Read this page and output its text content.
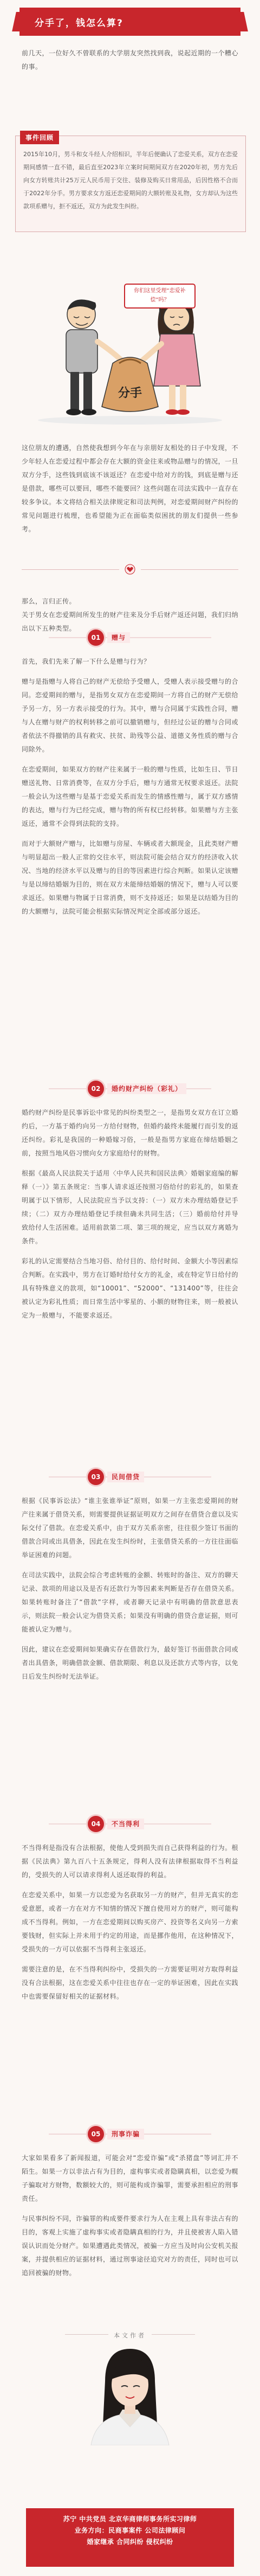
分手了，钱怎么算?

前几天，一位好久不曾联系的大学朋友突然找到我，说起近期的一个糟心的事。

事件回顾
2015年10月，男斗和女斗经人介绍相识，半年后便确认了恋爱关系，双方在恋爱期间感情一直不错，最后直至2023年立案时间期间双方在2020年初，男方先后向女方转账共计25万元人民币用于交往、装修及购买日常用品，后因性格不合而于2022年分手。男方要求女方返还恋爱期间的大额转账及礼物，女方却认为这些款项系赠与，拒不返还，双方为此发生纠纷。
分手
你们这里受理“恋爱补偿”吗？

这位朋友的遭遇，自然使我想到今年在与亲朋好友相处的日子中发现，不少年轻人在恋爱过程中都会存在大额的资金往来或物品赠与的情况，一旦双方分手，这些钱到底该不该返还？在恋爱中给对方的钱，到底是赠与还是借款，哪些可以要回，哪些不能要回？这些问题在司法实践中一直存在较多争议。本文将结合相关法律规定和司法判例，对恋爱期间财产纠纷的常见问题进行梳理，也希望能为正在面临类似困扰的朋友们提供一些参考。

那么，言归正传。
关于男女在恋爱期间所发生的财产往来及分手后财产返还问题，我们归纳出以下五种类型。

01	赠与

首先，我们先来了解一下什么是赠与行为？

赠与是指赠与人将自己的财产无偿给予受赠人，受赠人表示接受赠与的合同。恋爱期间的赠与，是指男女双方在恋爱期间一方将自己的财产无偿给予另一方，另一方表示接受的行为。其中，赠与合同属于实践性合同，赠与人在赠与财产的权利转移之前可以撤销赠与，但经过公证的赠与合同或者依法不得撤销的具有救灾、扶贫、助残等公益、道德义务性质的赠与合同除外。

在恋爱期间，如果双方的财产往来属于一般的赠与性质，比如生日、节日赠送礼物、日常消费等，在双方分手后，赠与方通常无权要求返还。法院一般会认为这些赠与是基于恋爱关系而发生的情感性赠与，属于双方感情的表达，赠与行为已经完成，赠与物的所有权已经转移。如果赠与方主张返还，通常不会得到法院的支持。

而对于大额财产赠与，比如赠与房屋、车辆或者大额现金，且此类财产赠与明显超出一般人正常的交往水平，则法院可能会结合双方的经济收入状况、当地的经济水平以及赠与的目的等因素进行综合判断。如果认定该赠与是以缔结婚姻为目的，则在双方未能缔结婚姻的情况下，赠与人可以要求返还。如果赠与物属于日常消费，则不支持返还；如果是以结婚为目的的大额赠与，法院可能会根据实际情况判定全部或部分返还。

02	婚约财产纠纷（彩礼）

婚约财产纠纷是民事诉讼中常见的纠纷类型之一，是指男女双方在订立婚约后，一方基于婚约向另一方给付财物，但婚约最终未能履行而引发的返还纠纷。彩礼是我国的一种婚嫁习俗，一般是指男方家庭在缔结婚姻之前，按照当地风俗习惯向女方家庭给付的财物。

根据《最高人民法院关于适用〈中华人民共和国民法典〉婚姻家庭编的解释（一）》第五条规定：当事人请求返还按照习俗给付的彩礼的，如果查明属于以下情形，人民法院应当予以支持：（一）双方未办理结婚登记手续；（二）双方办理结婚登记手续但确未共同生活；（三）婚前给付并导致给付人生活困难。适用前款第二项、第三项的规定，应当以双方离婚为条件。

彩礼的认定需要结合当地习俗、给付目的、给付时间、金额大小等因素综合判断。在实践中，男方在订婚时给付女方的礼金，或在特定节日给付的具有特殊意义的款项，如“10001”、“52000”、“131400”等，往往会被认定为彩礼性质；而日常生活中零星的、小额的财物往来，则一般被认定为一般赠与，不能要求返还。

03	民间借贷

根据《民事诉讼法》“谁主张谁举证”原则，如果一方主张恋爱期间的财产往来属于借贷关系，则需要提供证据证明双方之间存在借贷合意以及实际交付了借款。在恋爱关系中，由于双方关系亲密，往往很少签订书面的借款合同或出具借条，因此在发生纠纷时，主张借贷关系的一方往往面临举证困难的问题。

在司法实践中，法院会综合考虑转账的金额、转账时的备注、双方的聊天记录、款项的用途以及是否有还款行为等因素来判断是否存在借贷关系。如果转账时备注了“借款”字样，或者聊天记录中有明确的借款意思表示，则法院一般会认定为借贷关系；如果没有明确的借贷合意证据，则可能被认定为赠与。

因此，建议在恋爱期间如果确实存在借款行为，最好签订书面借款合同或者出具借条，明确借款金额、借款期限、利息以及还款方式等内容，以免日后发生纠纷时无法举证。

04	不当得利

不当得利是指没有合法根据，使他人受到损失而自己获得利益的行为。根据《民法典》第九百八十五条规定，得利人没有法律根据取得不当利益的，受损失的人可以请求得利人返还取得的利益。

在恋爱关系中，如果一方以恋爱为名获取另一方的财产，但并无真实的恋爱意愿，或者一方在对方不知情的情况下擅自使用对方的财产，则可能构成不当得利。例如，一方在恋爱期间以购买房产、投资等名义向另一方索要钱财，但实际上并未用于约定的用途，而是挪作他用，在这种情况下，受损失的一方可以依据不当得利主张返还。

需要注意的是，在不当得利纠纷中，受损失的一方需要证明对方取得利益没有合法根据，这在恋爱关系中往往也存在一定的举证困难，因此在实践中也需要保留好相关的证据材料。

05	刑事诈骗

大家如果看多了新闻报道，可能会对“恋爱诈骗”或“杀猪盘”等词汇并不陌生。如果一方以非法占有为目的，虚构事实或者隐瞒真相，以恋爱为幌子骗取对方财物，数额较大的，则可能构成诈骗罪，需要承担相应的刑事责任。

与民事纠纷不同，诈骗罪的构成要件要求行为人在主观上具有非法占有的目的，客观上实施了虚构事实或者隐瞒真相的行为，并且使被害人陷入错误认识而处分财产。如果遭遇此类情况，被骗一方应当及时向公安机关报案，并提供相应的证据材料，通过刑事途径追究对方的责任，同时也可以追回被骗的财物。

本文作者
苏宁 中共党员 北京华商律师事务所实习律师
业务方向：民商事案件 公司法律顾问
婚家继承 合同纠纷 侵权纠纷
